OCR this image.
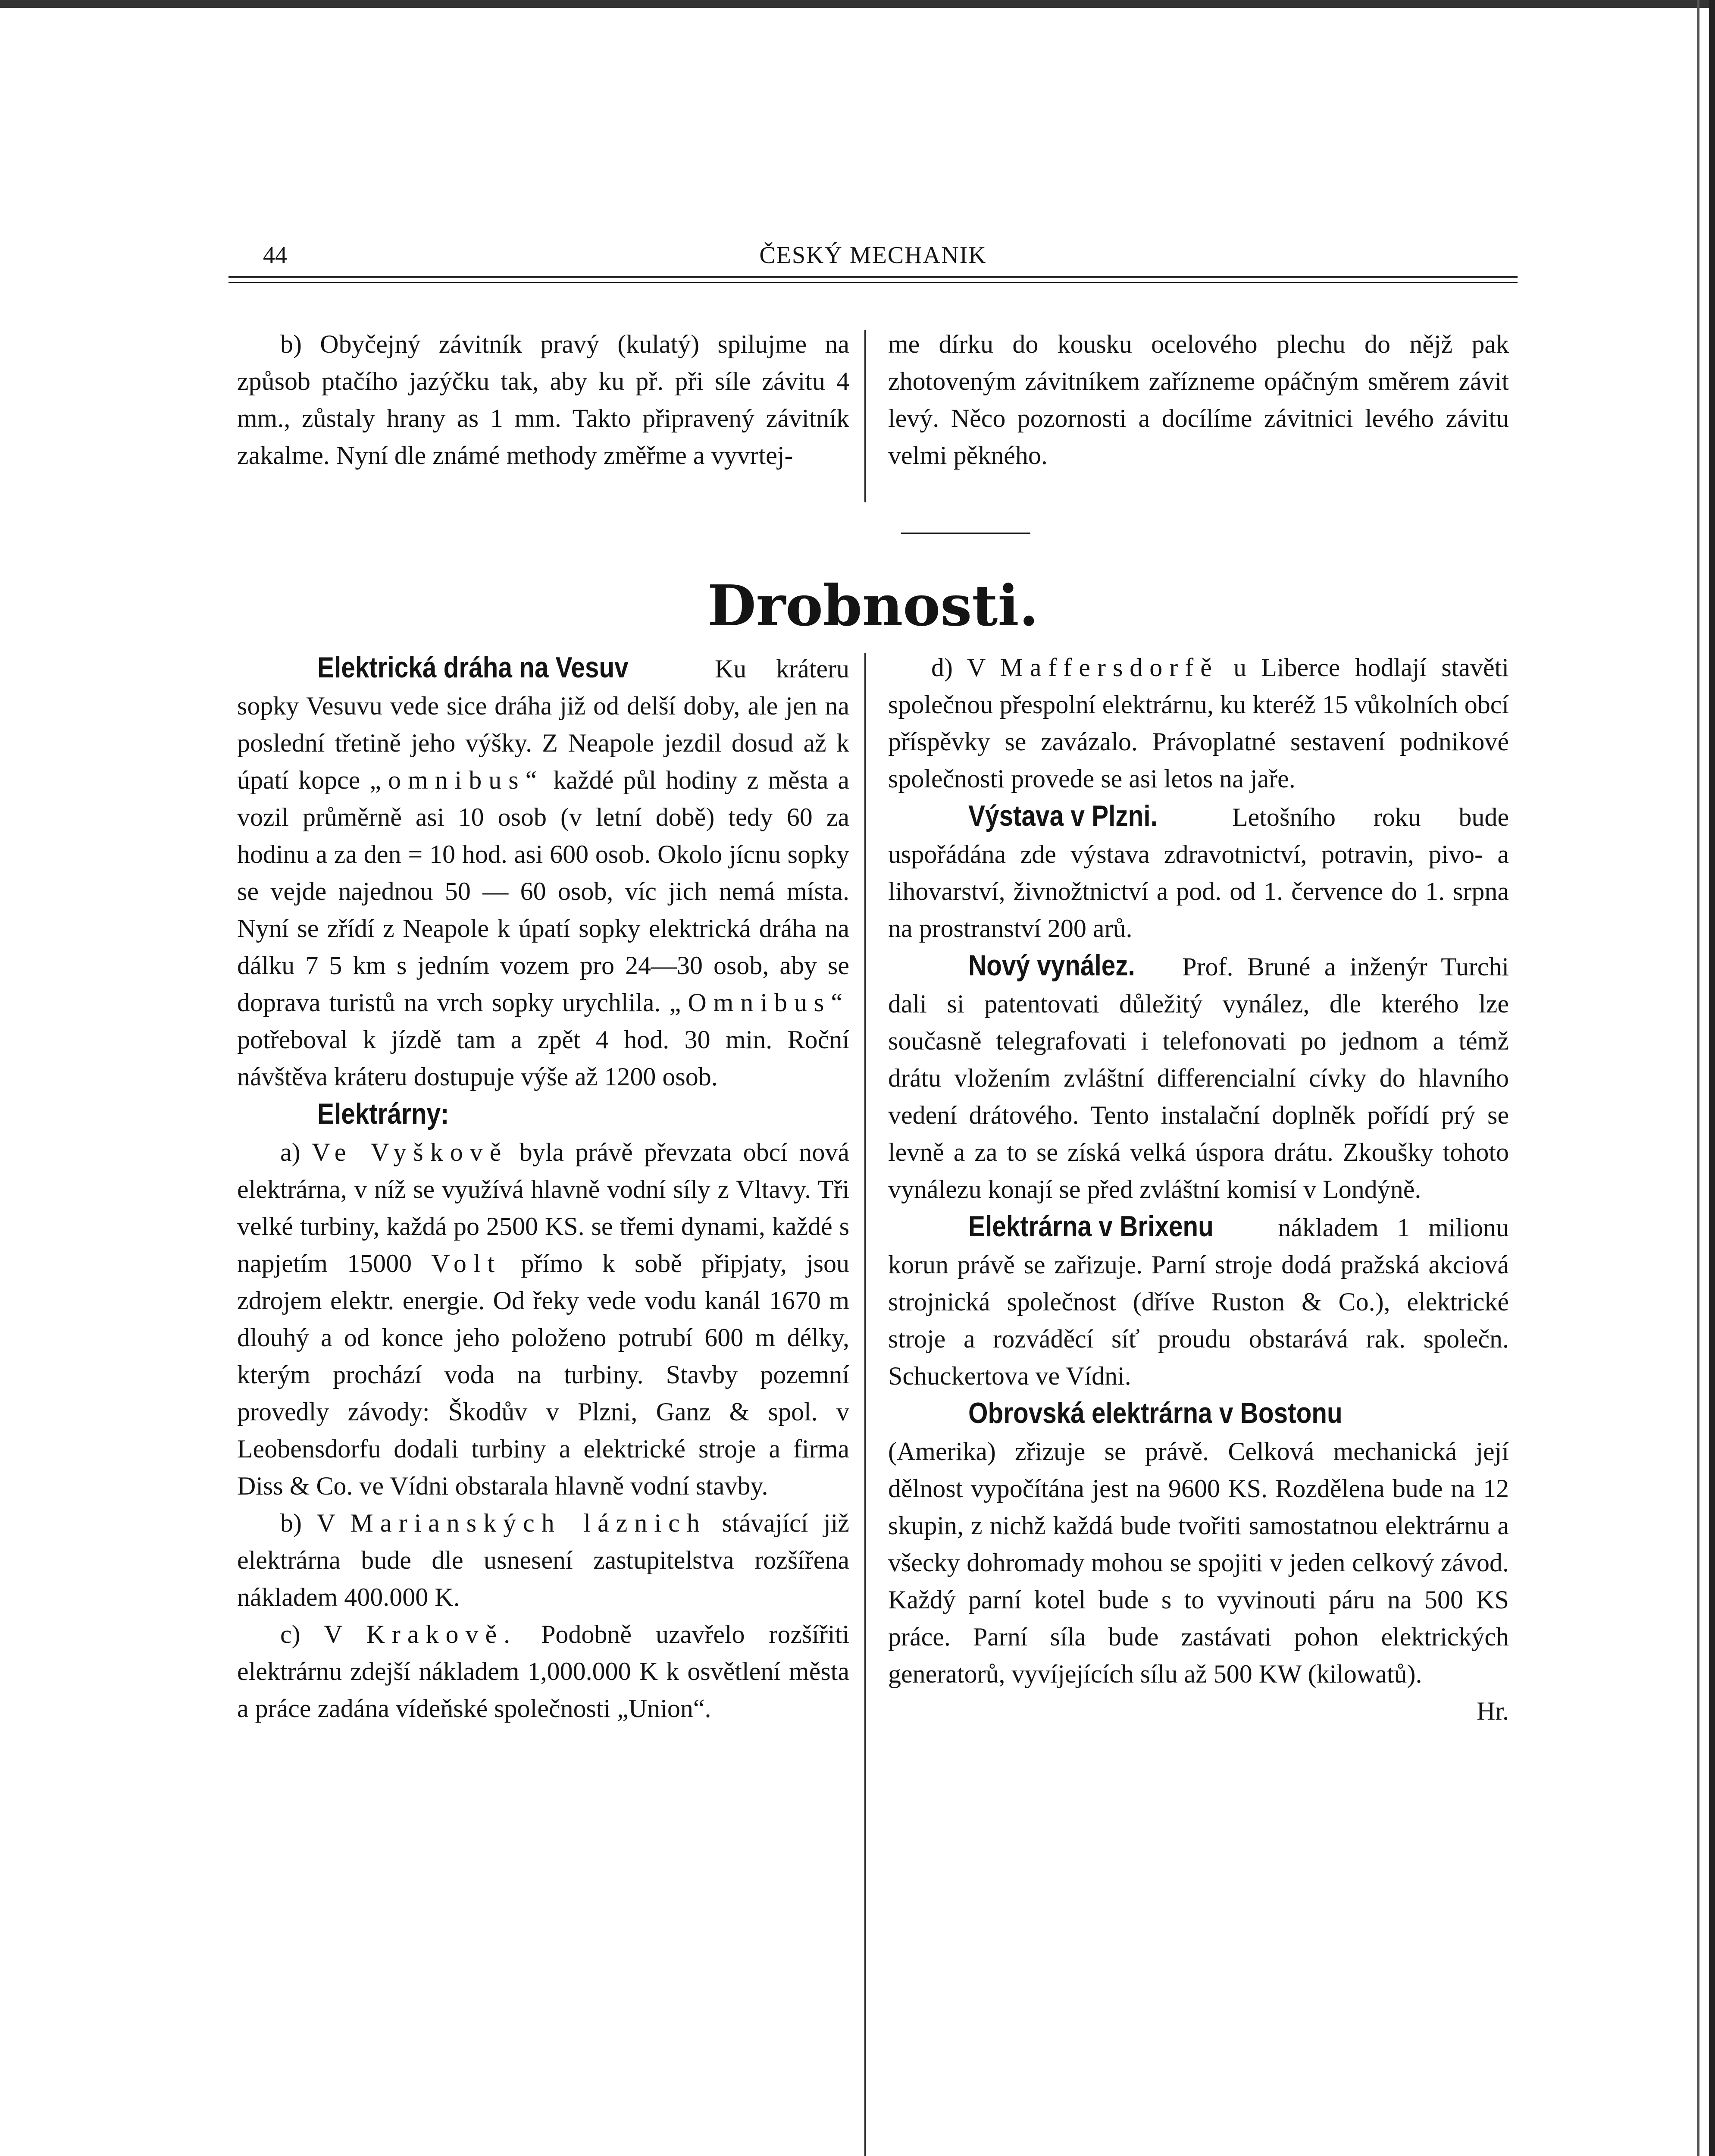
ČESKÝ MECHANIK
44

b) Obyčejný závitník pravý (kulatý) spilujme na způsob ptačího jazýčku tak, aby ku př. při síle závitu 4 mm., zůstaly hrany as 1 mm. Takto připravený závitník zakalme. Nyní dle známé methody změřme a vyvrtej-

me dírku do kousku ocelového plechu do nějž pak zhotoveným závitníkem zařízneme opáčným směrem závit levý. Něco pozornosti a docílíme závitnici levého závitu velmi pěkného.

Drobnosti.

Elektrická dráha na Vesuv	Ku kráteru sopky Vesuvu vede sice dráha již od delší doby, ale jen na poslední třetině jeho výšky. Z Neapole jezdil dosud až k úpatí kopce „omnibus“ každé půl hodiny z města a vozil průměrně asi 10 osob (v letní době) tedy 60 za hodinu a za den = 10 hod. asi 600 osob. Okolo jícnu sopky se vejde najednou 50 — 60 osob, víc jich nemá místa. Nyní se zřídí z Neapole k úpatí sopky elektrická dráha na dálku 7 5 km s jedním vozem pro 24—30 osob, aby se doprava turistů na vrch sopky urychlila. „Omnibus“ potřeboval k jízdě tam a zpět 4 hod. 30 min. Roční návštěva kráteru dostupuje výše až 1200 osob.

Elektrárny:

a) Ve Vyškově byla právě převzata obcí nová elektrárna, v níž se využívá hlavně vodní síly z Vltavy. Tři velké turbiny, každá po 2500 KS. se třemi dynami, každé s napjetím 15000 Volt přímo k sobě připjaty, jsou zdrojem elektr. energie. Od řeky vede vodu kanál 1670 m dlouhý a od konce jeho položeno potrubí 600 m délky, kterým prochází voda na turbiny. Stavby pozemní provedly závody: Škodův v Plzni, Ganz & spol. v Leobensdorfu dodali turbiny a elektrické stroje a firma Diss & Co. ve Vídni obstarala hlavně vodní stavby.

b) V Marianských láznich stávající již elektrárna bude dle usnesení zastupitelstva rozšířena nákladem 400.000 K.

c) V Krakově. Podobně uzavřelo rozšířiti elektrárnu zdejší nákladem 1,000.000 K k osvětlení města a práce zadána vídeňské společnosti „Union“.

d) V Maffersdorfě u Liberce hodlají stavěti společnou přespolní elektrárnu, ku kteréž 15 vůkolních obcí příspěvky se zavázalo. Právoplatné sestavení podnikové společnosti provede se asi letos na jaře.

Výstava v Plzni.	Letošního roku bude uspořádána zde výstava zdravotnictví, potravin, pivo- a lihovarství, živnožtnictví a pod. od 1. července do 1. srpna na prostranství 200 arů.

Nový vynález. Prof. Bruné a inženýr Turchi dali si patentovati důležitý vynález, dle kterého lze současně telegrafovati i telefonovati po jednom a témž drátu vložením zvláštní differencialní cívky do hlavního vedení drátového. Tento instalační doplněk pořídí prý se levně a za to se získá velká úspora drátu. Zkoušky tohoto vynálezu konají se před zvláštní komisí v Londýně.

Elektrárna v Brixenu nákladem 1 milionu korun právě se zařizuje. Parní stroje dodá pražská akciová strojnická společnost (dříve Ruston & Co.), elektrické stroje a rozváděcí síť proudu obstarává rak. společn. Schuckertova ve Vídni.

Obrovská elektrárna v Bostonu (Amerika) zřizuje se právě. Celková mechanická její dělnost vypočítána jest na 9600 KS. Rozdělena bude na 12 skupin, z nichž každá bude tvořiti samostatnou elektrárnu a všecky dohromady mohou se spojiti v jeden celkový závod. Každý parní kotel bude s to vyvinouti páru na 500 KS práce. Parní síla bude zastávati pohon elektrických generatorů, vyvíjejících sílu až 500 KW (kilowatů).

Hr.
